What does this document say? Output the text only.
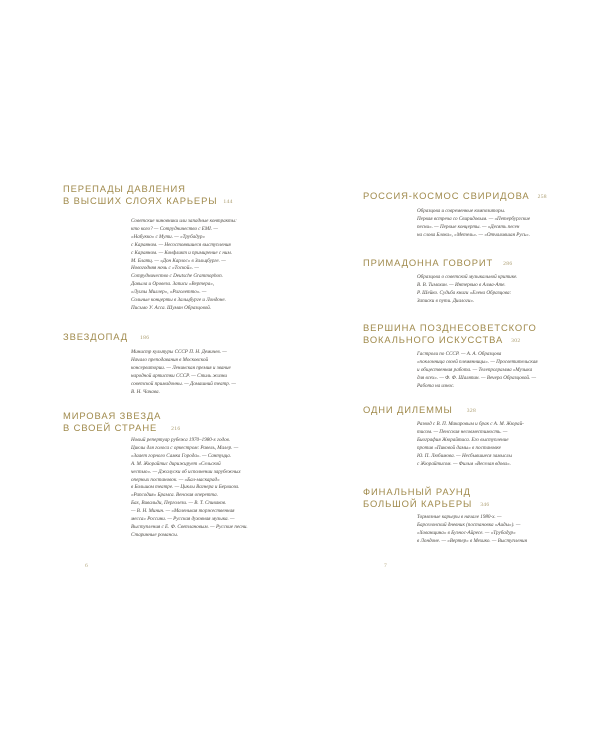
ПЕРЕПАДЫ ДАВЛЕНИЯ
В ВЫСШИХ СЛОЯХ КАРЬЕРЫ 144
Советские чиновники или западные контракты:
кто кого? — Сотрудничество с EMI. —
«Набукко» с Мути. — «Трубадур»
с Караяном. — Несостоявшиеся выступления
с Караяном. — Конфликт и примирение с ним.
М. Блатц. — «Дон Карлос» в Зальцбурге. —
Новогодняя ночь с «Тоской». —
Сотрудничество с Deutsche Grammophon.
Давыла и Оровеза. Записи «Вертера»,
«Луизы Миллер», «Риголетто». —
Сольные концерты в Зальцбурге и Лондоне.
Письмо У. Асса. Шуман Образцовой.
ЗВЕЗДОПАД 186
Министр культуры СССР П. Н. Демичев. —
Начало преподавания в Московской
консерватории. — Ленинская премия и звание
народной артистки СССР. — Стиль жизни
советской примадонны. — Домашний театр. —
В. Н. Чачава.
МИРОВАЯ ЗВЕЗДА
В СВОЕЙ СТРАНЕ	216
Новый репертуар рубежа 1970–1980-х годов.
Циклы для голоса с оркестром: Равель, Малер. —
«Заает горного Самка Города». — Сантуцца.
А. М. Жюрайтис дирижирует «Сельской
честью». — Джалуски об исполнении зарубежных
оперных постановок. — «Бал-маскарад»
в Большом театре. — Циклы Вагнера и Берлиоза.
«Рапсодия» Брамса. Венская оперетта.
Бах, Вивальди, Перголези. — В. Т. Спиваков.
— В. Н. Минин. — «Маленькая торжественная
месса» Россини. — Русская духовная музыка. —
Выступления с Е. Ф. Светлановым. — Русские песни.
Старинные романсы.
6
РОССИЯ-КОСМОС СВИРИДОВА 258
Образцова и современные композиторы.
Первая встреча со Свиридовым. — «Петербургские
песни». — Первые концерты. — «Десять песен
на слова Блока», «Метель». — «Отчалившая Русь».
ПРИМАДОННА ГОВОРИТ 286
Образцова о советской музыкальной критике.
В. В. Тимохин. — Интервью в Алма-Ате.
Р. Шейко. Судьба книги «Елена Образцова:
Записки в пути. Диалоги».
ВЕРШИНА ПОЗДНЕСОВЕТСКОГО
ВОКАЛЬНОГО ИСКУССТВА 302
Гастроли по СССР. — А. А. Образцова
«поклонница своей племянницы». — Просветительская
и общественная работа. — Телепрограмма «Музыка
для всех». — Ф. Ф. Шаляпин. — Вечера Образцовой. —
Работа на износ.
ОДНИ ДИЛЕММЫ	328
Развод с В. П. Макаровым и брак с А. М. Жюрай-
тисом. — Пенсская несовместимость. —
Биография Жюрайтиса. Его выступление
против «Пиковой дамы» в постановке
Ю. П. Любимова. — Несбывшиеся замыслы
с Жюрайтисом. — Фильм «Веселая вдова».
ФИНАЛЬНЫЙ РАУНД
БОЛЬШОЙ КАРЬЕРЫ 346
Тормозные карьеры в начале 1980-х. —
Барселонский дневник (постановка «Аиды»). —
«Хованщина» в Буэнос-Айресе. — «Трубадур»
в Лондоне. — «Вертер» в Мехико. — Выступления
7
